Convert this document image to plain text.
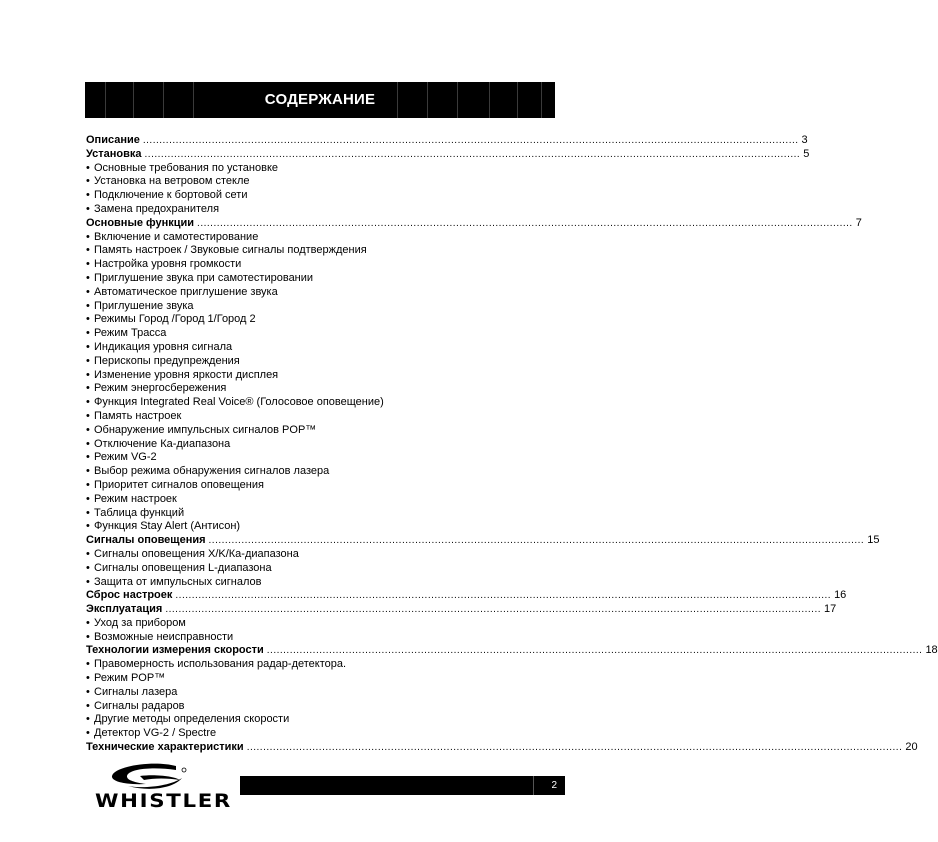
СОДЕРЖАНИЕ
Описание ........................................................................................................................................................................................................ 3
Установка ........................................................................................................................................................................................................ 5
• Основные требования по установке
• Установка на ветровом стекле
• Подключение к бортовой сети
• Замена предохранителя
Основные функции ........................................................................................................................................................................................................ 7
• Включение и самотестирование
• Память настроек / Звуковые сигналы подтверждения
• Настройка уровня громкости
• Приглушение звука при самотестировании
• Автоматическое приглушение звука
• Приглушение звука
• Режимы Город /Город 1/Город 2
• Режим Трасса
• Индикация уровня сигнала
• Перископы предупреждения
• Изменение уровня яркости дисплея
• Режим энергосбережения
• Функция Integrated Real Voice® (Голосовое оповещение)
• Память настроек
• Обнаружение импульсных сигналов POP™
• Отключение Ка-диапазона
• Режим VG-2
• Выбор режима обнаружения сигналов лазера
• Приоритет сигналов оповещения
• Режим настроек
• Таблица функций
• Функция Stay Alert (Антисон)
Сигналы оповещения ........................................................................................................................................................................................................ 15
• Сигналы оповещения X/K/Ка-диапазона
• Сигналы оповещения L-диапазона
• Защита от импульсных сигналов
Сброс настроек ........................................................................................................................................................................................................ 16
Эксплуатация ........................................................................................................................................................................................................ 17
• Уход за прибором
• Возможные неисправности
Технологии измерения скорости ........................................................................................................................................................................................................ 18
• Правомерность использования радар-детектора.
• Режим POP™
• Сигналы лазера
• Сигналы радаров
• Другие методы определения скорости
• Детектор VG-2 / Spectre
Технические характеристики ........................................................................................................................................................................................................ 20
WHISTLER
2
